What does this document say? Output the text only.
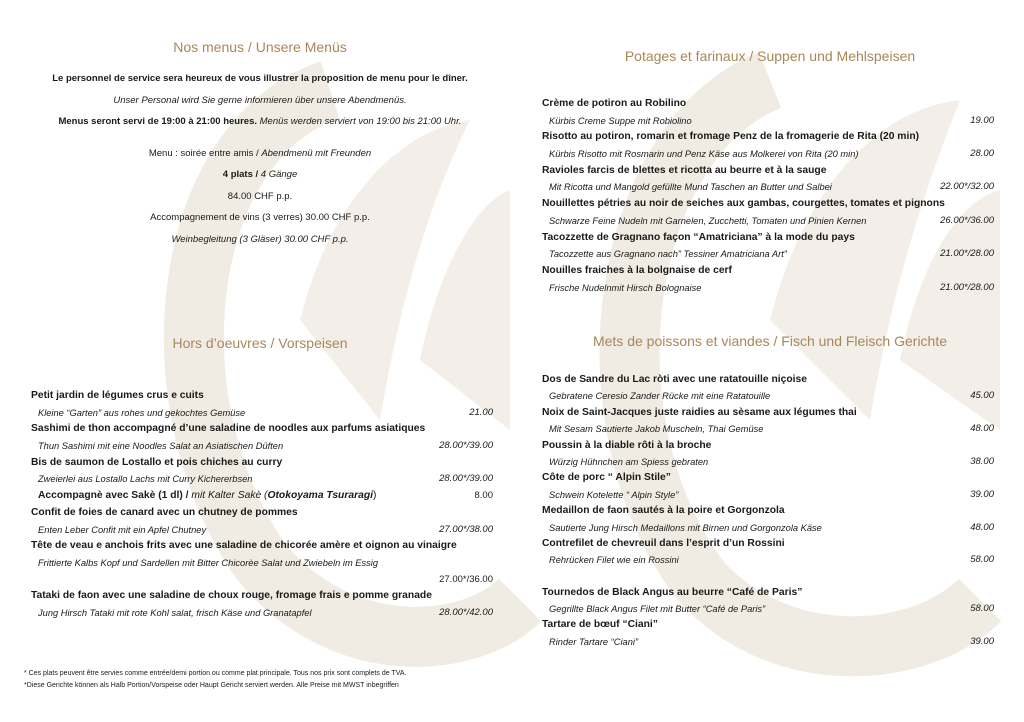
Nos menus / Unsere Menüs
Le personnel de service sera heureux de vous illustrer la proposition de menu pour le dîner.
Unser Personal wird Sie gerne informieren über unsere Abendmenüs.
Menus seront servi de 19:00 à 21:00 heures. Menüs werden serviert von 19:00 bis 21:00 Uhr.
Menu : soirée entre amis / Abendmenü mit Freunden
4 plats / 4 Gänge
84.00 CHF p.p.
Accompagnement de vins (3 verres) 30.00 CHF p.p.
Weinbegleitung (3 Gläser) 30.00 CHF p.p.
Hors d’oeuvres / Vorspeisen
Petit jardin de légumes crus e cuits
Kleine “Garten” aus rohes und gekochtes Gemüse	21.00
Sashimi de thon accompagné d’une saladine de noodles aux parfums asiatiques
Thun Sashimi mit eine Noodles Salat an Asiatischen Düften	28.00*/39.00
Bis de saumon de Lostallo et pois chiches au curry
Zweierlei aus Lostallo Lachs mit Curry Kichererbsen	28.00*/39.00
Accompagnè avec Sakè (1 dl) / mit Kalter Sakè (Otokoyama Tsuraragi)	8.00
Confit de foies de canard avec un chutney de pommes
Enten Leber Confit mit ein Apfel Chutney	27.00*/38.00
Tête de veau e anchois frits avec une saladine de chicorée amère et oignon au vinaigre
Frittierte Kalbs Kopf und Sardellen mit Bitter Chicorèe Salat und Zwiebeln im Essig
27.00*/36.00
Tataki de faon avec une saladine de choux rouge, fromage frais e pomme granade
Jung Hirsch Tataki mit rote Kohl salat, frisch Käse und Granatapfel	28.00*/42.00
* Ces plats peuvent être servies comme entrée/demi portion ou comme plat principale. Tous nos prix sont complets de TVA.
*Diese Gerichte können als Halb Portion/Vorspeise oder Haupt Gericht serviert werden. Alle Preise mit MWST inbegriffen
Potages et farinaux / Suppen und Mehlspeisen
Crème de potiron au Robilino
Kürbis Creme Suppe mit Robiolino	19.00
Risotto au potiron, romarin et fromage Penz de la fromagerie de Rita (20 min)
Kürbis Risotto mit Rosmarin und Penz Käse aus Molkerei von Rita (20 min)	28.00
Ravioles farcis de blettes et ricotta au beurre et à la sauge
Mit Ricotta und Mangold gefüllte Mund Taschen an Butter und Salbei	22.00*/32.00
Nouillettes pétries au noir de seiches aux gambas, courgettes, tomates et pignons
Schwarze Feine Nudeln mit Garnelen, Zucchetti, Tomaten und Pinien Kernen	26.00*/36.00
Tacozzette de Gragnano façon “Amatriciana” à la mode du pays
Tacozzette aus Gragnano nach” Tessiner Amatriciana Art”	21.00*/28.00
Nouilles fraiches à la bolgnaise de cerf
Frische Nudelnmit Hirsch Bolognaise	21.00*/28.00
Mets de poissons et viandes / Fisch und Fleisch Gerichte
Dos de Sandre du Lac ròti avec une ratatouille niçoise
Gebratene Ceresio Zander Rücke mit eine Ratatouille	45.00
Noix de Saint-Jacques juste raidies au sèsame aux légumes thai
Mit Sesam Sautierte Jakob Muscheln, Thai Gemüse	48.00
Poussin à la diable rôti à la broche
Würzig Hühnchen am Spiess gebraten	38.00
Côte de porc “ Alpin Stile”
Schwein Kotelette “ Alpin Style”	39.00
Medaillon de faon sautés à la poire et Gorgonzola
Sautierte Jung Hirsch Medaillons mit Birnen und Gorgonzola Käse	48.00
Contrefilet de chevreuil dans l’esprit d’un Rossini
Rehrücken Filet wie ein Rossini	58.00
Tournedos de Black Angus au beurre “Café de Paris”
Gegrillte Black Angus Filet mit Butter “Café de Paris”	58.00
Tartare de bœuf “Ciani”
Rinder Tartare “Ciani”	39.00
